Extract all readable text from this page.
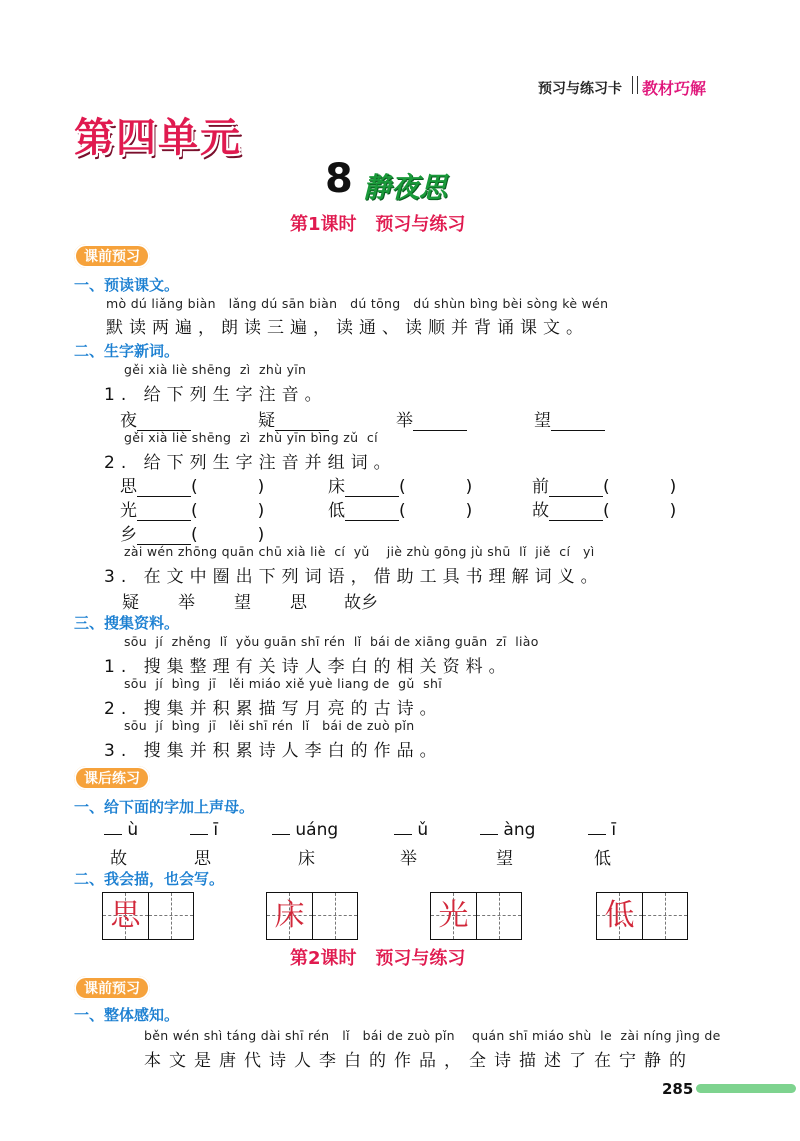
预习与练习卡 教材巧解
第四单元
8 静夜思
第1课时   预习与练习
课前预习
一、预读课文。
mò dú liǎng biàn   lǎng dú sān biàn   dú tōng   dú shùn bìng bèi sòng kè wén
默读两遍，朗读三遍，读通、读顺并背诵课文。
二、生字新词。
gěi xià liè shēng  zì  zhù yīn
1. 给下列生字注音。
夜	疑	举	望
gěi xià liè shēng  zì  zhù yīn bìng zǔ  cí
2. 给下列生字注音并组词。
思	(	)	床	(	)	前	(	)
光	(	)	低	(	)	故	(	)
乡	(	)
zài wén zhōng quān chū xià liè  cí  yǔ    jiè zhù gōng jù shū  lǐ  jiě  cí   yì
3. 在文中圈出下列词语，借助工具书理解词义。
疑 举 望 思 故乡
三、搜集资料。
sōu  jí  zhěng  lǐ  yǒu guān shī rén  lǐ  bái de xiāng guān  zī  liào
1. 搜集整理有关诗人李白的相关资料。
sōu  jí  bìng  jī   lěi miáo xiě yuè liang de  gǔ  shī
2. 搜集并积累描写月亮的古诗。
sōu  jí  bìng  jī   lěi shī rén  lǐ   bái de zuò pǐn
3. 搜集并积累诗人李白的作品。
课后练习
一、给下面的字加上声母。
ù	ī	uáng	ǔ	àng	ī
故	思	床	举	望	低
二、我会描，也会写。
思	床	光	低
第2课时   预习与练习
课前预习
一、整体感知。
běn wén shì táng dài shī rén   lǐ   bái de zuò pǐn    quán shī miáo shù  le  zài níng jìng de
本文是唐代诗人李白的作品，全诗描述了在宁静的
285
